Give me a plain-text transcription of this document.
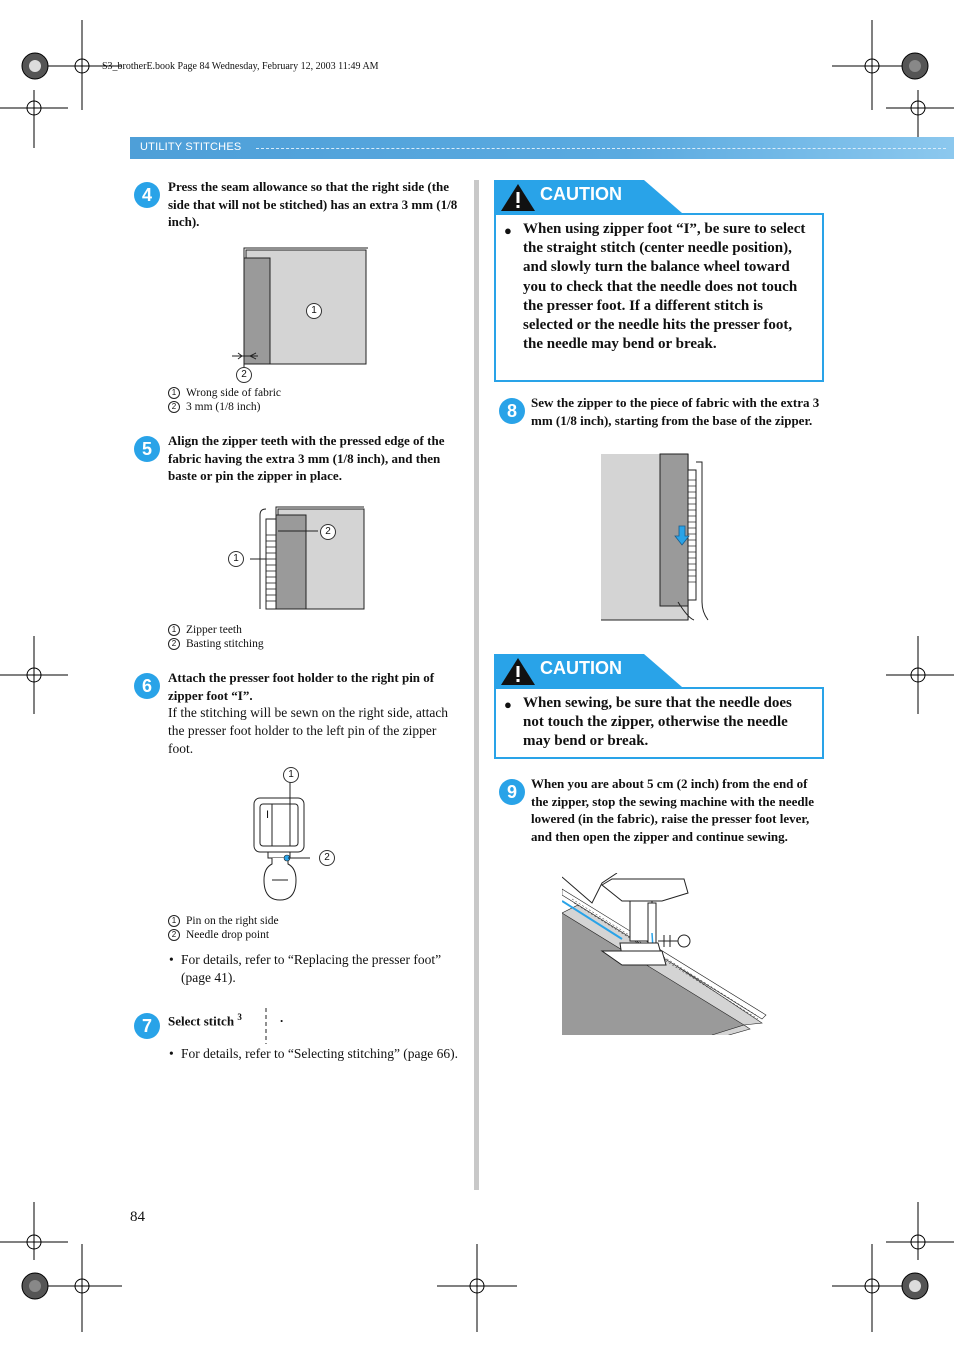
S3_brotherE.book Page 84 Wednesday, February 12, 2003 11:49 AM
UTILITY STITCHES
4	Press the seam allowance so that the right side (the side that will not be stitched) has an extra 3 mm (1/8 inch).
1
2
1 Wrong side of fabric
2 3 mm (1/8 inch)
5	Align the zipper teeth with the pressed edge of the fabric having the extra 3 mm (1/8 inch), and then baste or pin the zipper in place.
2
1
1 Zipper teeth
2 Basting stitching
6	Attach the presser foot holder to the right pin of zipper foot “I”.
If the stitching will be sewn on the right side, attach the presser foot holder to the left pin of the zipper foot.
I
1
2
1 Pin on the right side
2 Needle drop point
• For details, refer to “Replacing the presser foot” (page 41).
7	Select stitch $^3$	.
• For details, refer to “Selecting stitching” (page 66).
CAUTION
● When using zipper foot “I”, be sure to select the straight stitch (center needle position), and slowly turn the balance wheel toward you to check that the needle does not touch the presser foot. If a different stitch is selected or the needle hits the presser foot, the needle may bend or break.
8	Sew the zipper to the piece of fabric with the extra 3 mm (1/8 inch), starting from the base of the zipper.
CAUTION
● When sewing, be sure that the needle does not touch the zipper, otherwise the needle may bend or break.
9	When you are about 5 cm (2 inch) from the end of the zipper, stop the sewing machine with the needle lowered (in the fabric), raise the presser foot lever, and then open the zipper and continue sewing.
84
